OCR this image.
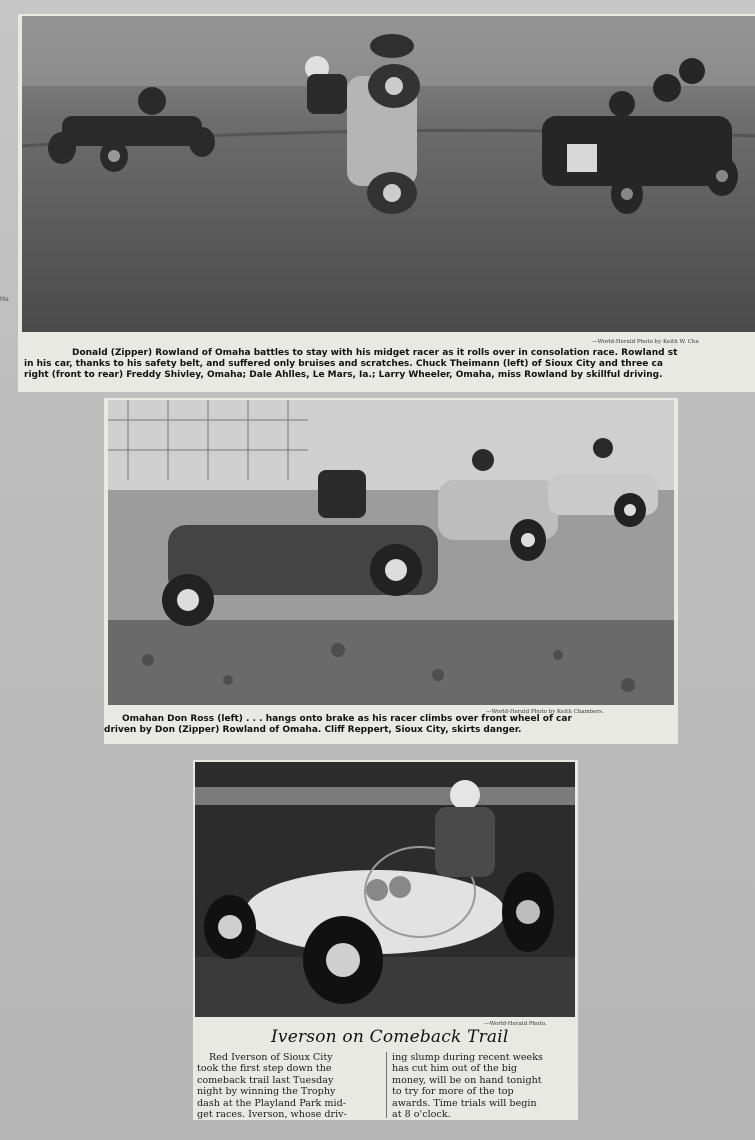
Ma
—World-Herald Photo by Keith W. Cha
Donald (Zipper) Rowland of Omaha battles to stay with his midget racer as it rolls over in consolation race. Rowland st
in his car, thanks to his safety belt, and suffered only bruises and scratches. Chuck Theimann (left) of Sioux City and three ca
right (front to rear) Freddy Shivley, Omaha; Dale Ahlles, Le Mars, Ia.; Larry Wheeler, Omaha, miss Rowland by skillful driving.
—World-Herald Photo by Keith Chambers.
Omahan Don Ross (left) . . . hangs onto brake as his racer climbs over front wheel of car
driven by Don (Zipper) Rowland of Omaha. Cliff Reppert, Sioux City, skirts danger.
—World-Herald Photo.
Iverson on Comeback Trail
Red Iverson of Sioux City
took the first step down the
comeback trail last Tuesday
night by winning the Trophy
dash at the Playland Park mid-
get races. Iverson, whose driv-
ing slump during recent weeks
has cut him out of the big
money, will be on hand tonight
to try for more of the top
awards. Time trials will begin
at 8 o'clock.
